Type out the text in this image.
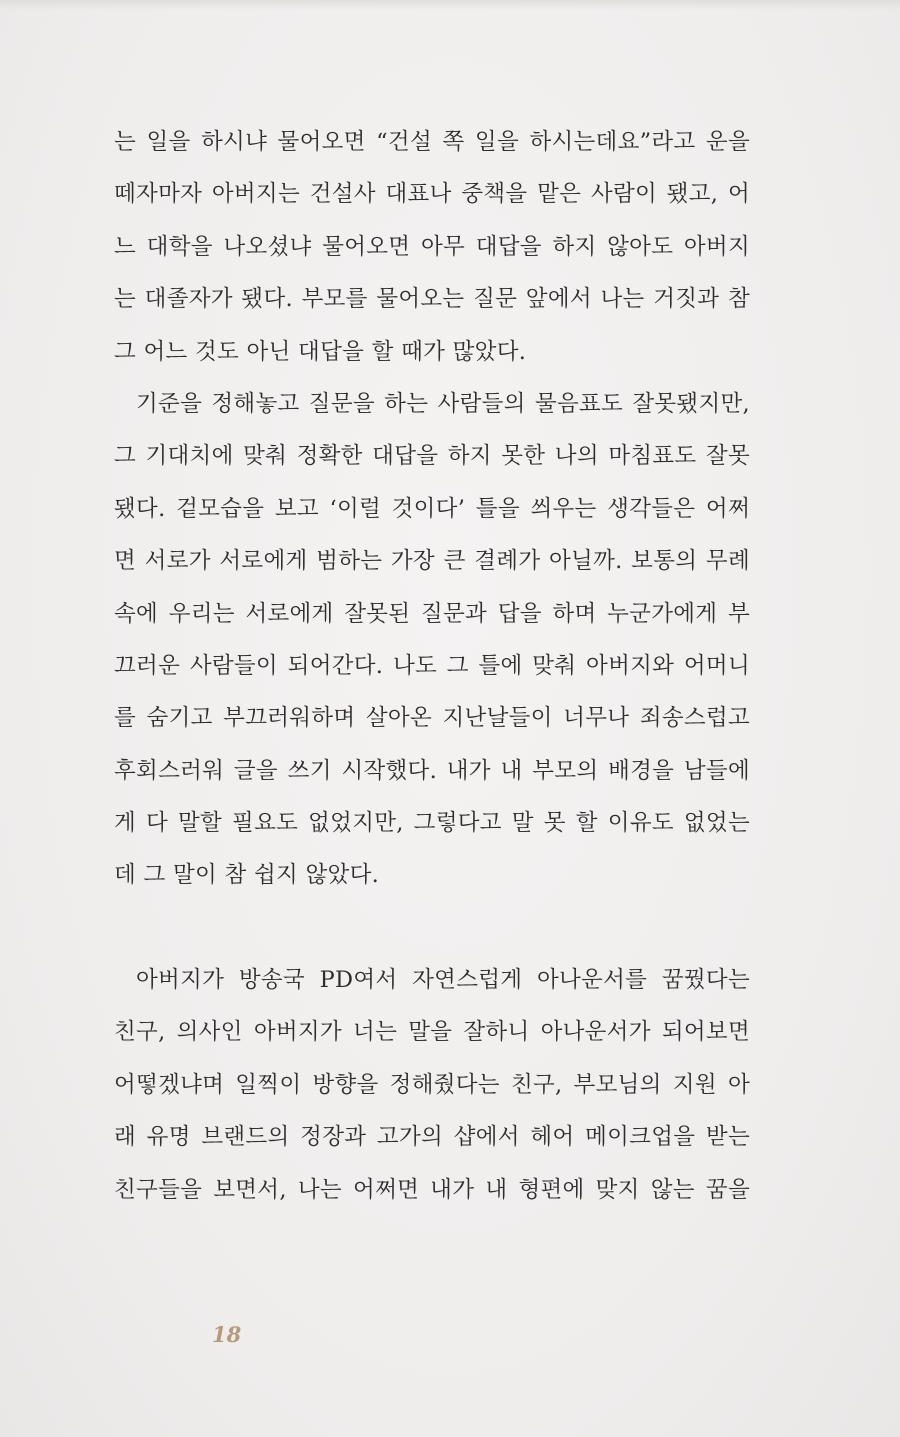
는 일을 하시냐 물어오면 “건설 쪽 일을 하시는데요”라고 운을
떼자마자 아버지는 건설사 대표나 중책을 맡은 사람이 됐고, 어
느 대학을 나오셨냐 물어오면 아무 대답을 하지 않아도 아버지
는 대졸자가 됐다. 부모를 물어오는 질문 앞에서 나는 거짓과 참
그 어느 것도 아닌 대답을 할 때가 많았다.
기준을 정해놓고 질문을 하는 사람들의 물음표도 잘못됐지만,
그 기대치에 맞춰 정확한 대답을 하지 못한 나의 마침표도 잘못
됐다. 겉모습을 보고 ‘이럴 것이다’ 틀을 씌우는 생각들은 어쩌
면 서로가 서로에게 범하는 가장 큰 결례가 아닐까. 보통의 무례
속에 우리는 서로에게 잘못된 질문과 답을 하며 누군가에게 부
끄러운 사람들이 되어간다. 나도 그 틀에 맞춰 아버지와 어머니
를 숨기고 부끄러워하며 살아온 지난날들이 너무나 죄송스럽고
후회스러워 글을 쓰기 시작했다. 내가 내 부모의 배경을 남들에
게 다 말할 필요도 없었지만, 그렇다고 말 못 할 이유도 없었는
데 그 말이 참 쉽지 않았다.
아버지가 방송국 PD여서 자연스럽게 아나운서를 꿈꿨다는
친구, 의사인 아버지가 너는 말을 잘하니 아나운서가 되어보면
어떻겠냐며 일찍이 방향을 정해줬다는 친구, 부모님의 지원 아
래 유명 브랜드의 정장과 고가의 샵에서 헤어 메이크업을 받는
친구들을 보면서, 나는 어쩌면 내가 내 형편에 맞지 않는 꿈을
18
